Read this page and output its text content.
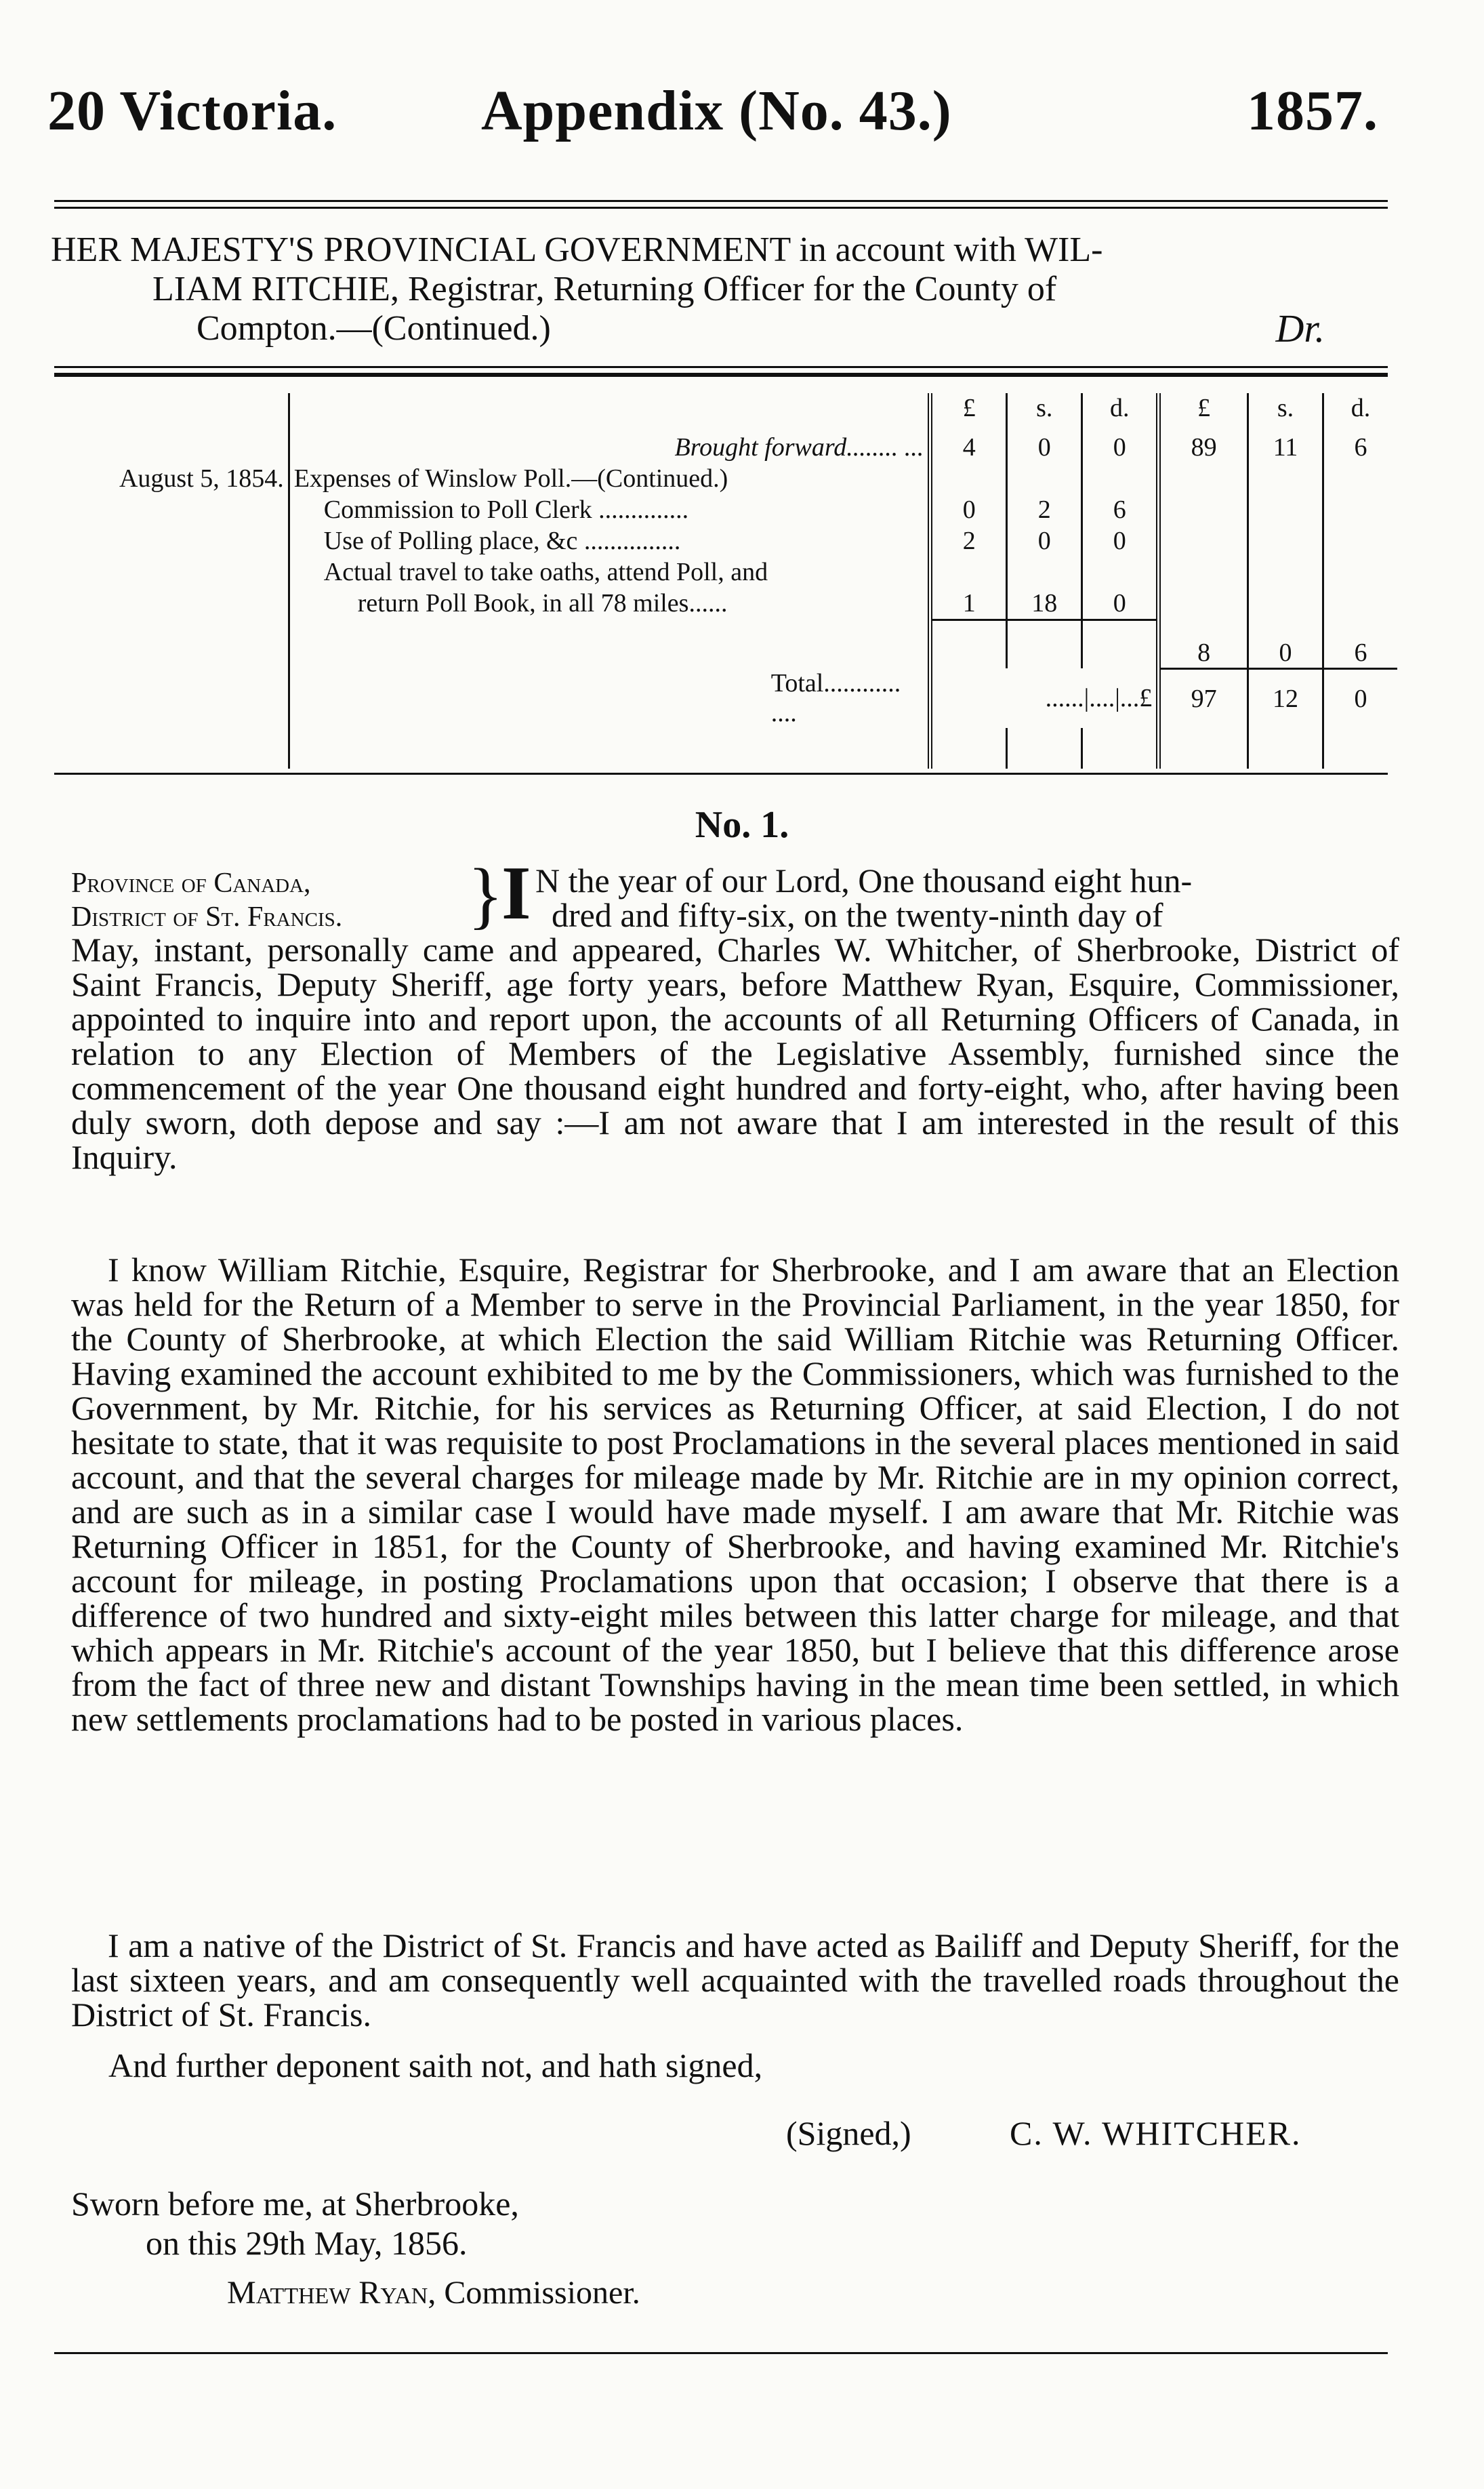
20 Victoria.	Appendix (No. 43.)	1857.
HER MAJESTY'S PROVINCIAL GOVERNMENT in account with WIL-
LIAM RITCHIE, Registrar, Returning Officer for the County of
Compton.—(Continued.)	Dr.
		£	s.	d.	£	s.	d.
	Brought forward........ ...	4	0	0	89	11	6
August 5, 1854.	Expenses of Winslow Poll.—(Continued.)						
	Commission to Poll Clerk ..............	0	2	6			
	Use of Polling place, &c ...............	2	0	0			
	Actual travel to take oaths, attend Poll, and						
	return Poll Book, in all 78 miles......	1	18	0			
					8	0	6
	Total............ ....	......|....|...£			97	12	0

No. 1.
Province of Canada,
District of St. Francis. }
I N the year of our Lord, One thousand eight hun-
dred and fifty-six, on the twenty-ninth day of
May, instant, personally came and appeared, Charles W. Whitcher, of Sherbrooke, District of Saint Francis, Deputy Sheriff, age forty years, before Matthew Ryan, Esquire, Commissioner, appointed to inquire into and report upon, the accounts of all Returning Officers of Canada, in relation to any Election of Members of the Legislative Assembly, furnished since the commencement of the year One thousand eight hundred and forty-eight, who, after having been duly sworn, doth depose and say :—I am not aware that I am interested in the result of this Inquiry.
I know William Ritchie, Esquire, Registrar for Sherbrooke, and I am aware that an Election was held for the Return of a Member to serve in the Provincial Parliament, in the year 1850, for the County of Sherbrooke, at which Election the said William Ritchie was Returning Officer. Having examined the account exhibited to me by the Commissioners, which was furnished to the Government, by Mr. Ritchie, for his services as Returning Officer, at said Election, I do not hesitate to state, that it was requisite to post Proclamations in the several places mentioned in said account, and that the several charges for mileage made by Mr. Ritchie are in my opinion correct, and are such as in a similar case I would have made myself. I am aware that Mr. Ritchie was Returning Officer in 1851, for the County of Sherbrooke, and having examined Mr. Ritchie's account for mileage, in posting Proclamations upon that occasion; I observe that there is a difference of two hundred and sixty-eight miles between this latter charge for mileage, and that which appears in Mr. Ritchie's account of the year 1850, but I believe that this difference arose from the fact of three new and distant Townships having in the mean time been settled, in which new settlements proclamations had to be posted in various places.
I am a native of the District of St. Francis and have acted as Bailiff and Deputy Sheriff, for the last sixteen years, and am consequently well acquainted with the travelled roads throughout the District of St. Francis.
And further deponent saith not, and hath signed,
(Signed,)	C. W. WHITCHER.
Sworn before me, at Sherbrooke,
on this 29th May, 1856.
Matthew Ryan, Commissioner.
